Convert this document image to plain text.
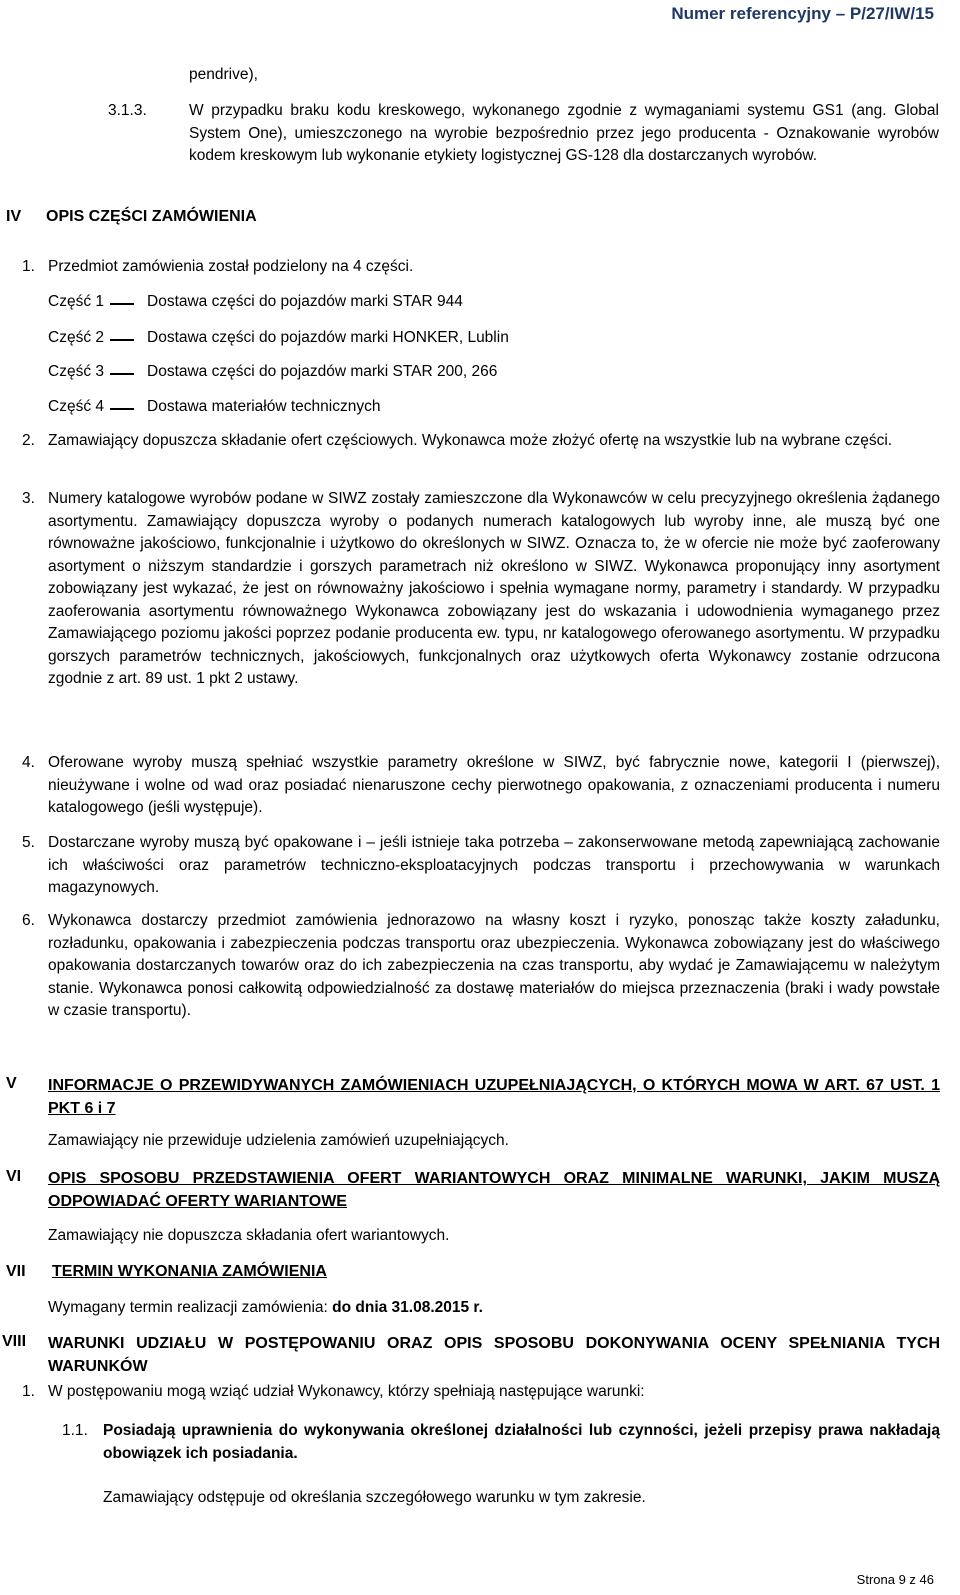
Numer referencyjny – P/27/IW/15
pendrive),
3.1.3.	W przypadku braku kodu kreskowego, wykonanego zgodnie z wymaganiami systemu GS1 (ang. Global System One), umieszczonego na wyrobie bezpośrednio przez jego producenta - Oznakowanie wyrobów kodem kreskowym lub wykonanie etykiety logistycznej GS-128 dla dostarczanych wyrobów.
IV OPIS CZĘŚCI ZAMÓWIENIA
1. Przedmiot zamówienia został podzielony na 4 części.
Część 1	Dostawa części do pojazdów marki STAR 944
Część 2	Dostawa części do pojazdów marki HONKER, Lublin
Część 3	Dostawa części do pojazdów marki STAR 200, 266
Część 4	Dostawa materiałów technicznych
2. Zamawiający dopuszcza składanie ofert częściowych. Wykonawca może złożyć ofertę na wszystkie lub na wybrane części.
3. Numery katalogowe wyrobów podane w SIWZ zostały zamieszczone dla Wykonawców w celu precyzyjnego określenia żądanego asortymentu. Zamawiający dopuszcza wyroby o podanych numerach katalogowych lub wyroby inne, ale muszą być one równoważne jakościowo, funkcjonalnie i użytkowo do określonych w SIWZ. Oznacza to, że w ofercie nie może być zaoferowany asortyment o niższym standardzie i gorszych parametrach niż określono w SIWZ. Wykonawca proponujący inny asortyment zobowiązany jest wykazać, że jest on równoważny jakościowo i spełnia wymagane normy, parametry i standardy. W przypadku zaoferowania asortymentu równoważnego Wykonawca zobowiązany jest do wskazania i udowodnienia wymaganego przez Zamawiającego poziomu jakości poprzez podanie producenta ew. typu, nr katalogowego oferowanego asortymentu. W przypadku gorszych parametrów technicznych, jakościowych, funkcjonalnych oraz użytkowych oferta Wykonawcy zostanie odrzucona zgodnie z art. 89 ust. 1 pkt 2 ustawy.
4. Oferowane wyroby muszą spełniać wszystkie parametry określone w SIWZ, być fabrycznie nowe, kategorii I (pierwszej), nieużywane i wolne od wad oraz posiadać nienaruszone cechy pierwotnego opakowania, z oznaczeniami producenta i numeru katalogowego (jeśli występuje).
5. Dostarczane wyroby muszą być opakowane i – jeśli istnieje taka potrzeba – zakonserwowane metodą zapewniającą zachowanie ich właściwości oraz parametrów techniczno-eksploatacyjnych podczas transportu i przechowywania w warunkach magazynowych.
6. Wykonawca dostarczy przedmiot zamówienia jednorazowo na własny koszt i ryzyko, ponosząc także koszty załadunku, rozładunku, opakowania i zabezpieczenia podczas transportu oraz ubezpieczenia. Wykonawca zobowiązany jest do właściwego opakowania dostarczanych towarów oraz do ich zabezpieczenia na czas transportu, aby wydać je Zamawiającemu w należytym stanie. Wykonawca ponosi całkowitą odpowiedzialność za dostawę materiałów do miejsca przeznaczenia (braki i wady powstałe w czasie transportu).
V INFORMACJE O PRZEWIDYWANYCH ZAMÓWIENIACH UZUPEŁNIAJĄCYCH, O KTÓRYCH MOWA W ART. 67 UST. 1 PKT 6 i 7
Zamawiający nie przewiduje udzielenia zamówień uzupełniających.
VI OPIS SPOSOBU PRZEDSTAWIENIA OFERT WARIANTOWYCH ORAZ MINIMALNE WARUNKI, JAKIM MUSZĄ ODPOWIADAĆ OFERTY WARIANTOWE
Zamawiający nie dopuszcza składania ofert wariantowych.
VII TERMIN WYKONANIA ZAMÓWIENIA
Wymagany termin realizacji zamówienia: do dnia 31.08.2015 r.
VIII WARUNKI UDZIAŁU W POSTĘPOWANIU ORAZ OPIS SPOSOBU DOKONYWANIA OCENY SPEŁNIANIA TYCH WARUNKÓW
1. W postępowaniu mogą wziąć udział Wykonawcy, którzy spełniają następujące warunki:
1.1. Posiadają uprawnienia do wykonywania określonej działalności lub czynności, jeżeli przepisy prawa nakładają obowiązek ich posiadania.
Zamawiający odstępuje od określania szczegółowego warunku w tym zakresie.
Strona 9 z 46
